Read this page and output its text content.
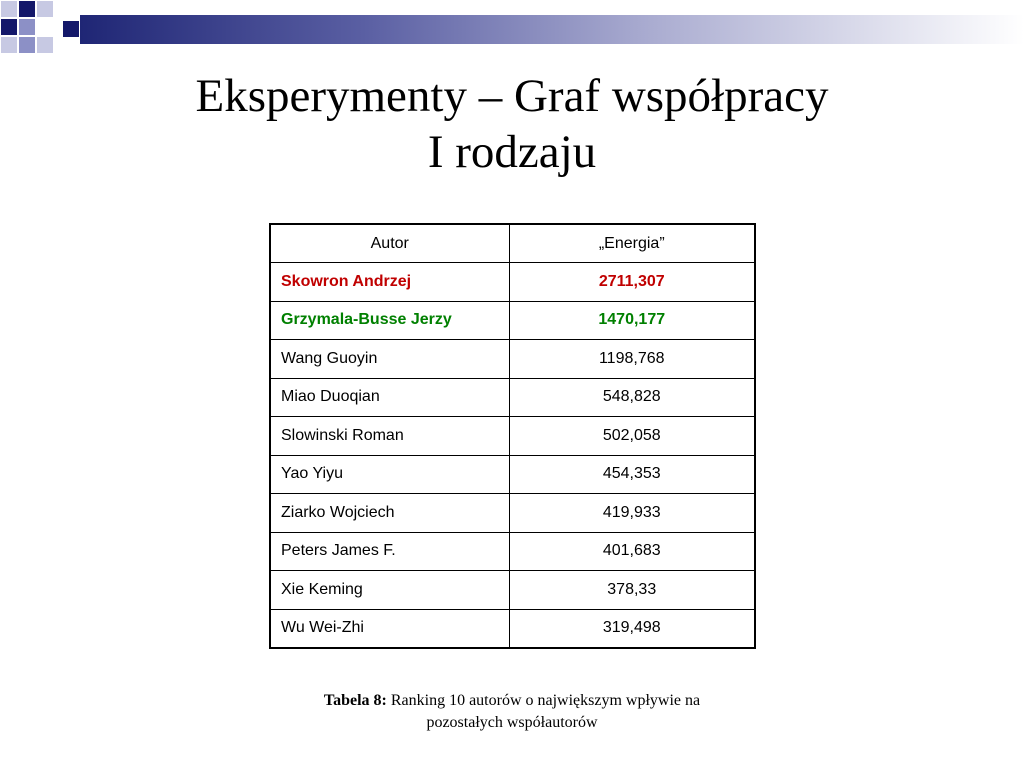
Eksperymenty – Graf współpracy
I rodzaju
Autor	„Energia”
Skowron Andrzej	2711,307
Grzymala-Busse Jerzy	1470,177
Wang Guoyin	1198,768
Miao Duoqian	548,828
Slowinski Roman	502,058
Yao Yiyu	454,353
Ziarko Wojciech	419,933
Peters James F.	401,683
Xie Keming	378,33
Wu Wei-Zhi	319,498
Tabela 8: Ranking 10 autorów o największym wpływie na
pozostałych współautorów
